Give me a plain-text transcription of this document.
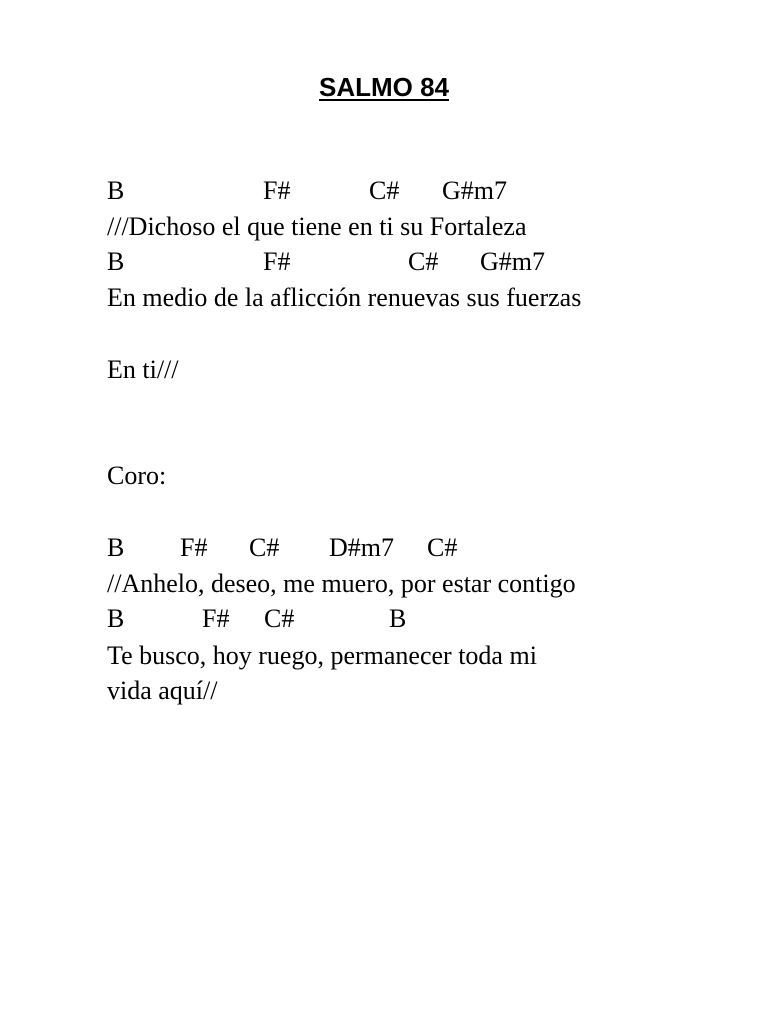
SALMO 84
B	F#	C# G#m7
///Dichoso el que tiene en ti su Fortaleza
B	F#	C# G#m7
En medio de la aflicción renuevas sus fuerzas
En ti///
Coro:
B F# C# D#m7 C#
//Anhelo, deseo, me muero, por estar contigo
B	F# C#	B
Te busco, hoy ruego, permanecer toda mi
vida aquí//
